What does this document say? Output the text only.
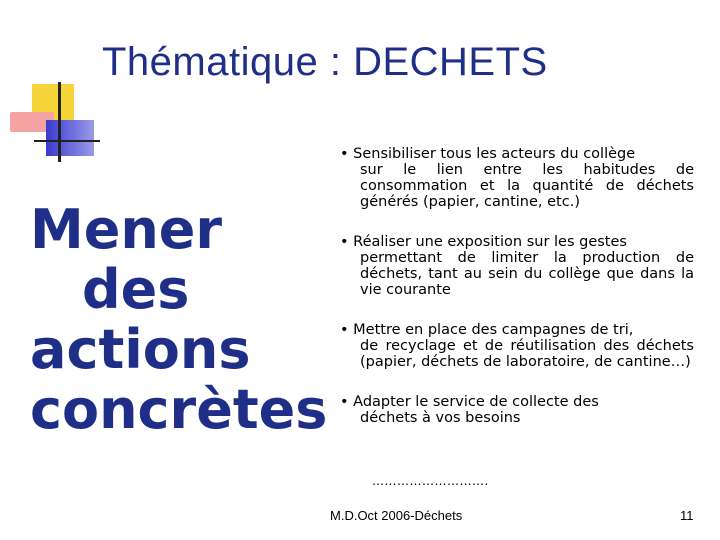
Thématique : DECHETS
Mener
des
actions
concrètes
• Sensibiliser tous les acteurs du collège
sur le lien entre les habitudes de consommation et la quantité de déchets générés (papier, cantine, etc.)
• Réaliser une exposition sur les gestes
permettant de limiter la production de déchets, tant au sein du collège que dans la vie courante
• Mettre en place des campagnes de tri,
de recyclage et de réutilisation des déchets (papier, déchets de laboratoire, de cantine…)
• Adapter le service de collecte des
déchets à vos besoins
……………………….
M.D.Oct 2006-Déchets	11
